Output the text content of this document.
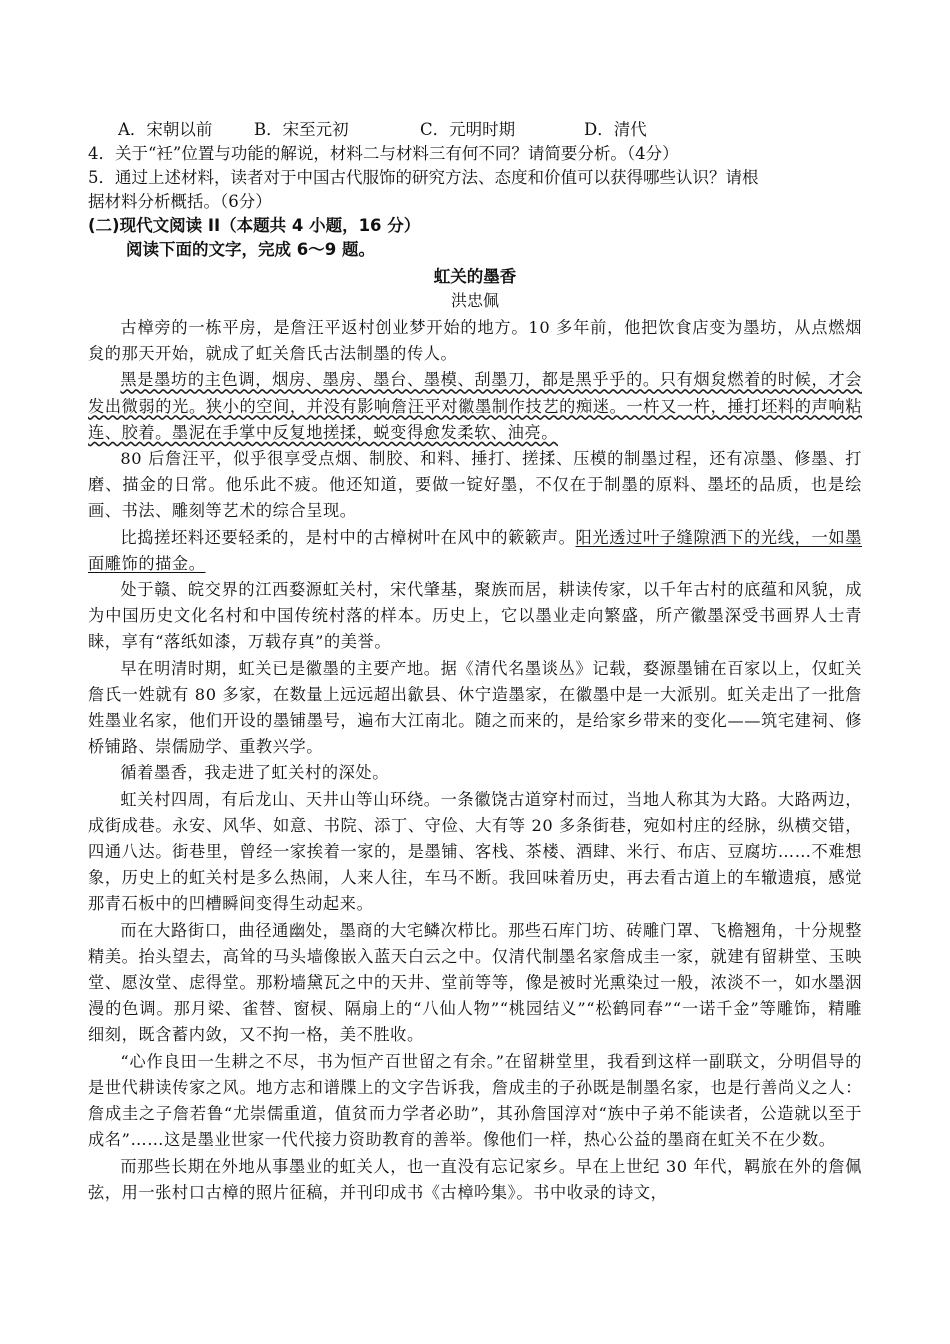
A．宋朝以前	B．宋至元初	C．元明时期	D．清代
4．关于“衽”位置与功能的解说，材料二与材料三有何不同？请简要分析。（4分）
5．通过上述材料，读者对于中国古代服饰的研究方法、态度和价值可以获得哪些认识？请根
据材料分析概括。（6分）
(二)现代文阅读 II（本题共 4 小题，16 分）
阅读下面的文字，完成 6～9 题。
虹关的墨香
洪忠佩

古樟旁的一栋平房，是詹汪平返村创业梦开始的地方。10 多年前，他把饮食店变为墨坊，从点燃烟炱的那天开始，就成了虹关詹氏古法制墨的传人。

黑是墨坊的主色调，烟房、墨房、墨台、墨模、刮墨刀，都是黑乎乎的。只有烟炱燃着的时候，才会发出微弱的光。狭小的空间，并没有影响詹汪平对徽墨制作技艺的痴迷。一杵又一杵，捶打坯料的声响粘连、胶着。墨泥在手掌中反复地搓揉，蜕变得愈发柔软、油亮。

80 后詹汪平，似乎很享受点烟、制胶、和料、捶打、搓揉、压模的制墨过程，还有凉墨、修墨、打磨、描金的日常。他乐此不疲。他还知道，要做一锭好墨，不仅在于制墨的原料、墨坯的品质，也是绘画、书法、雕刻等艺术的综合呈现。

比捣搓坯料还要轻柔的，是村中的古樟树叶在风中的簌簌声。阳光透过叶子缝隙洒下的光线，一如墨面雕饰的描金。

处于赣、皖交界的江西婺源虹关村，宋代肇基，聚族而居，耕读传家，以千年古村的底蕴和风貌，成为中国历史文化名村和中国传统村落的样本。历史上，它以墨业走向繁盛，所产徽墨深受书画界人士青睐，享有“落纸如漆，万载存真”的美誉。

早在明清时期，虹关已是徽墨的主要产地。据《清代名墨谈丛》记载，婺源墨铺在百家以上，仅虹关詹氏一姓就有 80 多家，在数量上远远超出歙县、休宁造墨家，在徽墨中是一大派别。虹关走出了一批詹姓墨业名家，他们开设的墨铺墨号，遍布大江南北。随之而来的，是给家乡带来的变化——筑宅建祠、修桥铺路、崇儒励学、重教兴学。

循着墨香，我走进了虹关村的深处。

虹关村四周，有后龙山、天井山等山环绕。一条徽饶古道穿村而过，当地人称其为大路。大路两边，成街成巷。永安、风华、如意、书院、添丁、守俭、大有等 20 多条街巷，宛如村庄的经脉，纵横交错，四通八达。街巷里，曾经一家挨着一家的，是墨铺、客栈、茶楼、酒肆、米行、布店、豆腐坊……不难想象，历史上的虹关村是多么热闹，人来人往，车马不断。我回味着历史，再去看古道上的车辙遗痕，感觉那青石板中的凹槽瞬间变得生动起来。

而在大路街口，曲径通幽处，墨商的大宅鳞次栉比。那些石库门坊、砖雕门罩、飞檐翘角，十分规整精美。抬头望去，高耸的马头墙像嵌入蓝天白云之中。仅清代制墨名家詹成圭一家，就建有留耕堂、玉映堂、愿汝堂、虑得堂。那粉墙黛瓦之中的天井、堂前等等，像是被时光熏染过一般，浓淡不一，如水墨洇漫的色调。那月梁、雀替、窗棂、隔扇上的“八仙人物”“桃园结义”“松鹤同春”“一诺千金”等雕饰，精雕细刻，既含蓄内敛，又不拘一格，美不胜收。

“心作良田一生耕之不尽，书为恒产百世留之有余。”在留耕堂里，我看到这样一副联文，分明倡导的是世代耕读传家之风。地方志和谱牒上的文字告诉我，詹成圭的子孙既是制墨名家，也是行善尚义之人：詹成圭之子詹若鲁“尤崇儒重道，值贫而力学者必助”，其孙詹国淳对“族中子弟不能读者，公造就以至于成名”……这是墨业世家一代代接力资助教育的善举。像他们一样，热心公益的墨商在虹关不在少数。

而那些长期在外地从事墨业的虹关人，也一直没有忘记家乡。早在上世纪 30 年代，羁旅在外的詹佩弦，用一张村口古樟的照片征稿，并刊印成书《古樟吟集》。书中收录的诗文，
